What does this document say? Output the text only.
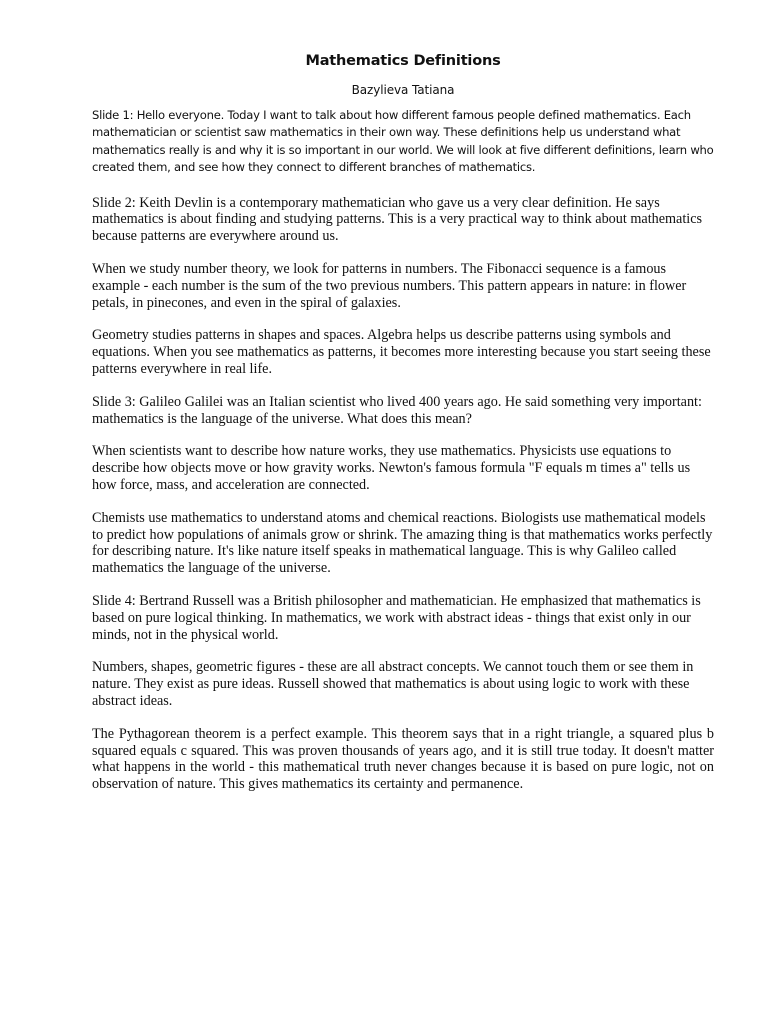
Mathematics Definitions
Bazylieva Tatiana

Slide 1: Hello everyone. Today I want to talk about how different famous people defined mathematics. Each mathematician or scientist saw mathematics in their own way. These definitions help us understand what mathematics really is and why it is so important in our world. We will look at five different definitions, learn who created them, and see how they connect to different branches of mathematics.

Slide 2: Keith Devlin is a contemporary mathematician who gave us a very clear definition. He says mathematics is about finding and studying patterns. This is a very practical way to think about mathematics because patterns are everywhere around us.

When we study number theory, we look for patterns in numbers. The Fibonacci sequence is a famous example - each number is the sum of the two previous numbers. This pattern appears in nature: in flower petals, in pinecones, and even in the spiral of galaxies.

Geometry studies patterns in shapes and spaces. Algebra helps us describe patterns using symbols and equations. When you see mathematics as patterns, it becomes more interesting because you start seeing these patterns everywhere in real life.

Slide 3: Galileo Galilei was an Italian scientist who lived 400 years ago. He said something very important: mathematics is the language of the universe. What does this mean?

When scientists want to describe how nature works, they use mathematics. Physicists use equations to describe how objects move or how gravity works. Newton's famous formula "F equals m times a" tells us how force, mass, and acceleration are connected.

Chemists use mathematics to understand atoms and chemical reactions. Biologists use mathematical models to predict how populations of animals grow or shrink. The amazing thing is that mathematics works perfectly for describing nature. It's like nature itself speaks in mathematical language. This is why Galileo called mathematics the language of the universe.

Slide 4: Bertrand Russell was a British philosopher and mathematician. He emphasized that mathematics is based on pure logical thinking. In mathematics, we work with abstract ideas - things that exist only in our minds, not in the physical world.

Numbers, shapes, geometric figures - these are all abstract concepts. We cannot touch them or see them in nature. They exist as pure ideas. Russell showed that mathematics is about using logic to work with these abstract ideas.

The Pythagorean theorem is a perfect example. This theorem says that in a right triangle, a squared plus b squared equals c squared. This was proven thousands of years ago, and it is still true today. It doesn't matter what happens in the world - this mathematical truth never changes because it is based on pure logic, not on observation of nature. This gives mathematics its certainty and permanence.
